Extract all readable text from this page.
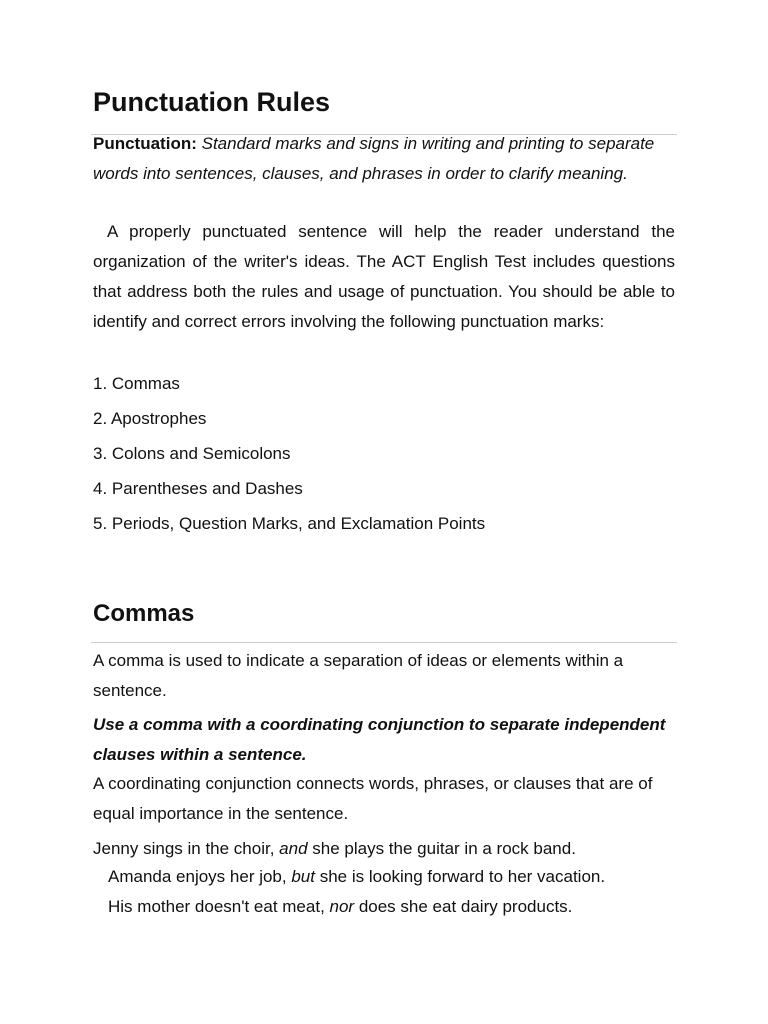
Punctuation Rules
Punctuation: Standard marks and signs in writing and printing to separate words into sentences, clauses, and phrases in order to clarify meaning.
A properly punctuated sentence will help the reader understand the organization of the writer's ideas. The ACT English Test includes questions that address both the rules and usage of punctuation. You should be able to identify and correct errors involving the following punctuation marks:
1. Commas
2. Apostrophes
3. Colons and Semicolons
4. Parentheses and Dashes
5. Periods, Question Marks, and Exclamation Points
Commas
A comma is used to indicate a separation of ideas or elements within a sentence.
Use a comma with a coordinating conjunction to separate independent clauses within a sentence.
A coordinating conjunction connects words, phrases, or clauses that are of equal importance in the sentence.
Jenny sings in the choir, and she plays the guitar in a rock band.
Amanda enjoys her job, but she is looking forward to her vacation.
His mother doesn't eat meat, nor does she eat dairy products.
